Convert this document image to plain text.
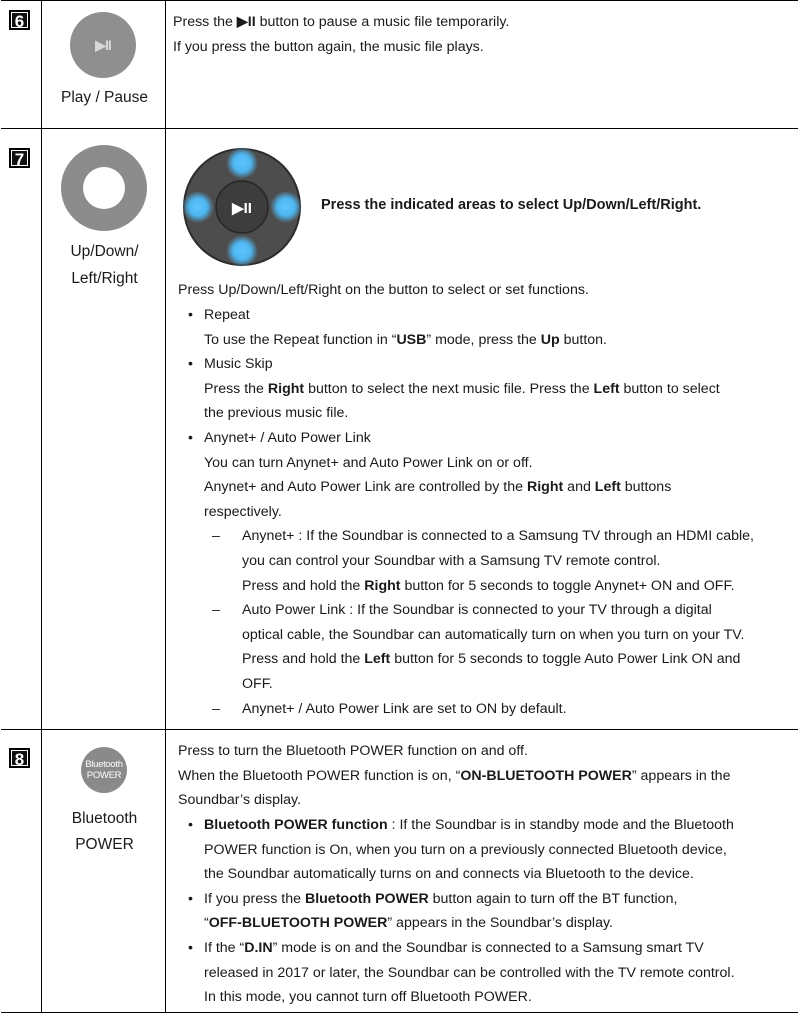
6
▶II
Play / Pause

Press the ▶II button to pause a music file temporarily.

If you press the button again, the music file plays.

7
Up/Down/
Left/Right
▶II	Press the indicated areas to select Up/Down/Left/Right.

Press Up/Down/Left/Right on the button to select or set functions.

• Repeat
To use the Repeat function in “USB” mode, press the Up button.
• Music Skip
Press the Right button to select the next music file. Press the Left button to select
the previous music file.
• Anynet+ / Auto Power Link
You can turn Anynet+ and Auto Power Link on or off.
Anynet+ and Auto Power Link are controlled by the Right and Left buttons
respectively.
– Anynet+ : If the Soundbar is connected to a Samsung TV through an HDMI cable,
you can control your Soundbar with a Samsung TV remote control.
Press and hold the Right button for 5 seconds to toggle Anynet+ ON and OFF.
– Auto Power Link : If the Soundbar is connected to your TV through a digital
optical cable, the Soundbar can automatically turn on when you turn on your TV.
Press and hold the Left button for 5 seconds to toggle Auto Power Link ON and
OFF.
– Anynet+ / Auto Power Link are set to ON by default.
8	Bluetooth
POWER
Bluetooth
POWER

Press to turn the Bluetooth POWER function on and off.

When the Bluetooth POWER function is on, “ON-BLUETOOTH POWER” appears in the

Soundbar’s display.

• Bluetooth POWER function : If the Soundbar is in standby mode and the Bluetooth
POWER function is On, when you turn on a previously connected Bluetooth device,
the Soundbar automatically turns on and connects via Bluetooth to the device.
• If you press the Bluetooth POWER button again to turn off the BT function,
“OFF-BLUETOOTH POWER” appears in the Soundbar’s display.
• If the “D.IN” mode is on and the Soundbar is connected to a Samsung smart TV
released in 2017 or later, the Soundbar can be controlled with the TV remote control.
In this mode, you cannot turn off Bluetooth POWER.
